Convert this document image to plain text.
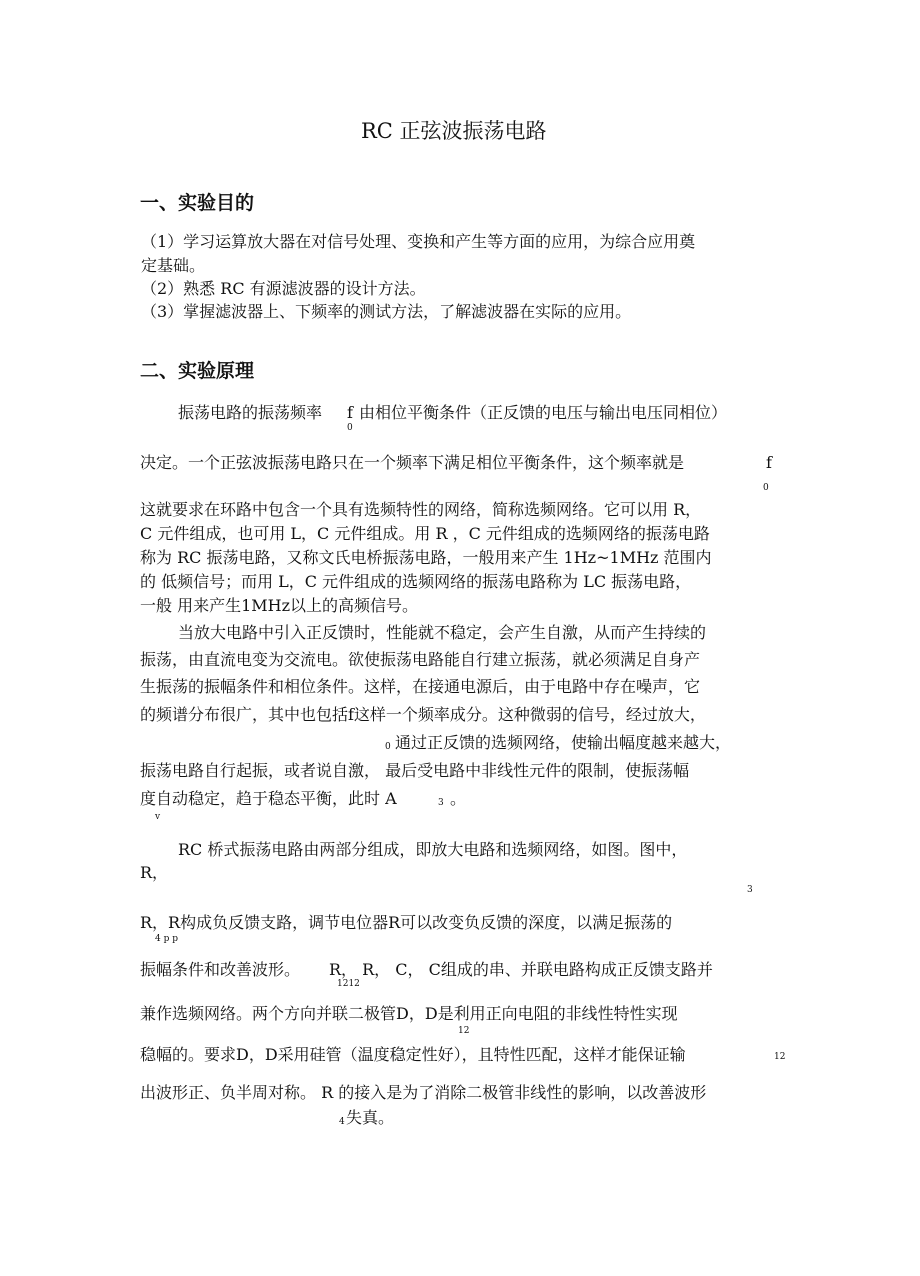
RC 正弦波振荡电路
一、实验目的
（1）学习运算放大器在对信号处理、变换和产生等方面的应用，为综合应用奠
定基础。
（2）熟悉 RC 有源滤波器的设计方法。
（3）掌握滤波器上、下频率的测试方法，了解滤波器在实际的应用。
二、实验原理
振荡电路的振荡频率 f
0
由相位平衡条件（正反馈的电压与输出电压同相位）
决定。一个正弦波振荡电路只在一个频率下满足相位平衡条件，这个频率就是	f
0
这就要求在环路中包含一个具有选频特性的网络，简称选频网络。它可以用 R，
C 元件组成，也可用 L，C 元件组成。用 R ，C 元件组成的选频网络的振荡电路
称为 RC 振荡电路，又称文氏电桥振荡电路，一般用来产生 1Hz~1MHz 范围内
的 低频信号；而用 L，C 元件组成的选频网络的振荡电路称为 LC 振荡电路，
一般 用来产生1MHz以上的高频信号。
当放大电路中引入正反馈时，性能就不稳定，会产生自激，从而产生持续的
振荡，由直流电变为交流电。欲使振荡电路能自行建立振荡，就必须满足自身产
生振荡的振幅条件和相位条件。这样，在接通电源后，由于电路中存在噪声，它
的频谱分布很广，其中也包括f这样一个频率成分。这种微弱的信号，经过放大，
0 通过正反馈的选频网络，使输出幅度越来越大，
振荡电路自行起振，或者说自激， 最后受电路中非线性元件的限制，使振荡幅
度自动稳定，趋于稳态平衡，此时 A	3 。
v
RC 桥式振荡电路由两部分组成，即放大电路和选频网络，如图。图中，
R，
3
R，R构成负反馈支路，调节电位器R可以改变负反馈的深度，以满足振荡的
4 p p
振幅条件和改善波形。 R， R， C， C组成的串、并联电路构成正反馈支路并
1212
兼作选频网络。两个方向并联二极管D，D是利用正向电阻的非线性特性实现
12
稳幅的。要求D，D采用硅管（温度稳定性好），且特性匹配，这样才能保证输	12
出波形正、负半周对称。 R 的接入是为了消除二极管非线性的影响，以改善波形
4 失真。
